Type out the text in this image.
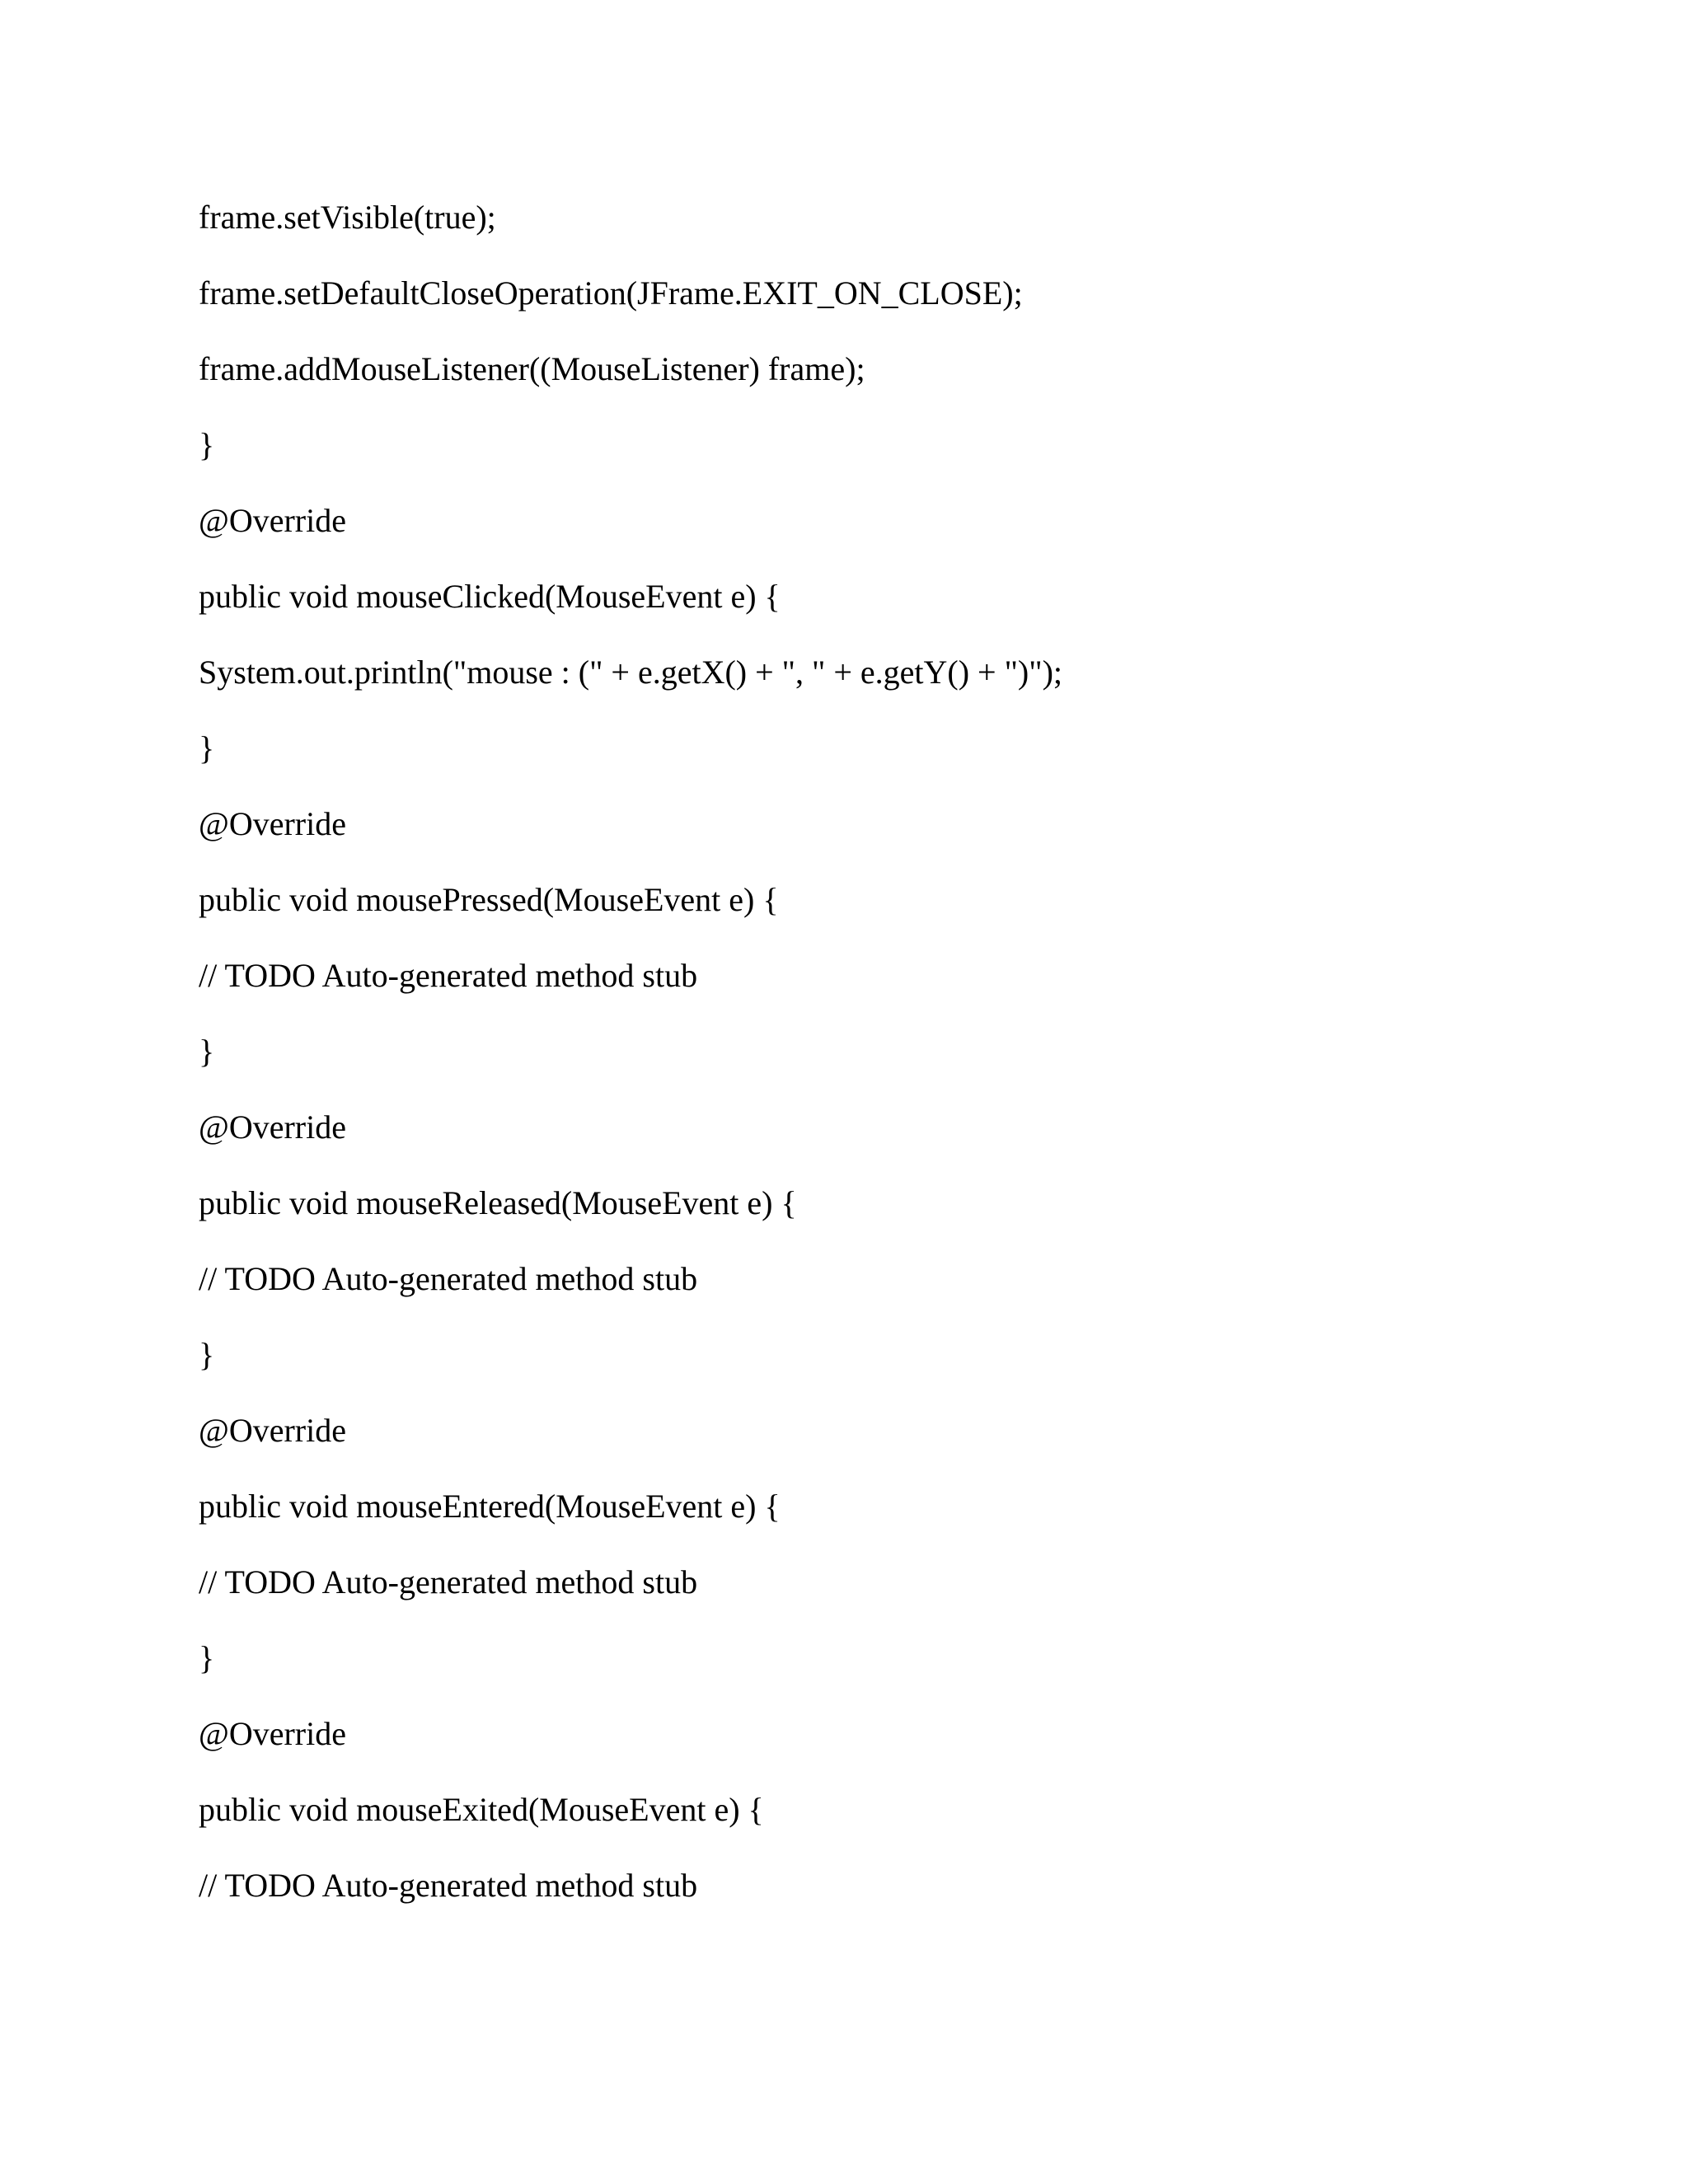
frame.setVisible(true);

frame.setDefaultCloseOperation(JFrame.EXIT_ON_CLOSE);

frame.addMouseListener((MouseListener) frame);

}

@Override

public void mouseClicked(MouseEvent e) {

System.out.println("mouse : (" + e.getX() + ", " + e.getY() + ")");

}

@Override

public void mousePressed(MouseEvent e) {

// TODO Auto-generated method stub

}

@Override

public void mouseReleased(MouseEvent e) {

// TODO Auto-generated method stub

}

@Override

public void mouseEntered(MouseEvent e) {

// TODO Auto-generated method stub

}

@Override

public void mouseExited(MouseEvent e) {

// TODO Auto-generated method stub
